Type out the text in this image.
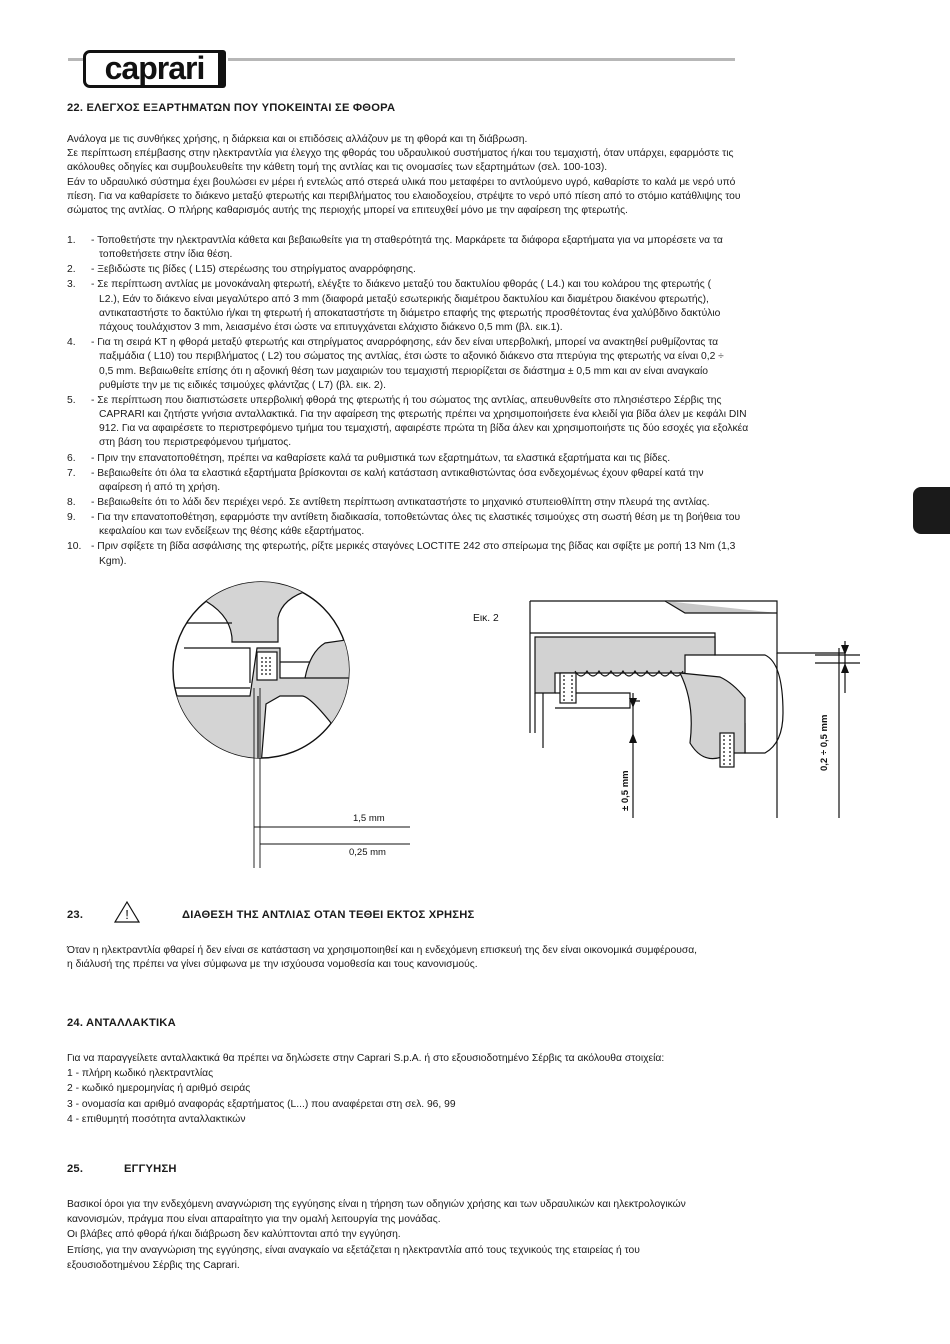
caprari
22. ΕΛΕΓΧΟΣ ΕΞΑΡΤΗΜΑΤΩΝ ΠΟΥ ΥΠΟΚΕΙΝΤΑΙ ΣΕ ΦΘΟΡΑ
Ανάλογα με τις συνθήκες χρήσης, η διάρκεια και οι επιδόσεις αλλάζουν με τη φθορά και τη διάβρωση.
Σε περίπτωση επέμβασης στην ηλεκτραντλία για έλεγχο της φθοράς του υδραυλικού συστήματος ή/και του τεμαχιστή, όταν υπάρχει, εφαρμόστε τις
ακόλουθες οδηγίες και συμβουλευθείτε την κάθετη τομή της αντλίας και τις ονομασίες των εξαρτημάτων (σελ. 100-103).
Εάν το υδραυλικό σύστημα έχει βουλώσει εν μέρει ή εντελώς από στερεά υλικά που μεταφέρει το αντλούμενο υγρό, καθαρίστε το καλά με νερό υπό
πίεση. Για να καθαρίσετε το διάκενο μεταξύ φτερωτής και περιβλήματος του ελαιοδοχείου, στρέψτε το νερό υπό πίεση από το στόμιο κατάθλιψης του
σώματος της αντλίας. Ο πλήρης καθαρισμός αυτής της περιοχής μπορεί να επιτευχθεί μόνο με την αφαίρεση της φτερωτής.
1. - Τοποθετήστε την ηλεκτραντλία κάθετα και βεβαιωθείτε για τη σταθερότητά της. Μαρκάρετε τα διάφορα εξαρτήματα για να μπορέσετε να τα
τοποθετήσετε στην ίδια θέση.
2. - Ξεβιδώστε τις βίδες ( L15) στερέωσης του στηρίγματος αναρρόφησης.
3. - Σε περίπτωση αντλίας με μονοκάναλη φτερωτή, ελέγξτε το διάκενο μεταξύ του δακτυλίου φθοράς ( L4.) και του κολάρου της φτερωτής (
L2.), Εάν το διάκενο είναι μεγαλύτερο από 3 mm (διαφορά μεταξύ εσωτερικής διαμέτρου δακτυλίου και διαμέτρου διακένου φτερωτής),
αντικαταστήστε το δακτύλιο ή/και τη φτερωτή ή αποκαταστήστε τη διάμετρο επαφής της φτερωτής προσθέτοντας ένα χαλύβδινο δακτύλιο
πάχους τουλάχιστον 3 mm, λειασμένο έτσι ώστε να επιτυγχάνεται ελάχιστο διάκενο 0,5 mm (βλ. εικ.1).
4. - Για τη σειρά KT η φθορά μεταξύ φτερωτής και στηρίγματος αναρρόφησης, εάν δεν είναι υπερβολική, μπορεί να ανακτηθεί ρυθμίζοντας τα
παξιμάδια ( L10) του περιβλήματος ( L2) του σώματος της αντλίας, έτσι ώστε το αξονικό διάκενο στα πτερύγια της φτερωτής να είναι 0,2 ÷
0,5 mm. Βεβαιωθείτε επίσης ότι η αξονική θέση των μαχαιριών του τεμαχιστή περιορίζεται σε διάστημα ± 0,5 mm και αν είναι αναγκαίο
ρυθμίστε την με τις ειδικές τσιμούχες φλάντζας ( L7) (βλ. εικ. 2).
5. - Σε περίπτωση που διαπιστώσετε υπερβολική φθορά της φτερωτής ή του σώματος της αντλίας, απευθυνθείτε στο πλησιέστερο Σέρβις της
CAPRARI και ζητήστε γνήσια ανταλλακτικά. Για την αφαίρεση της φτερωτής πρέπει να χρησιμοποιήσετε ένα κλειδί για βίδα άλεν με κεφάλι DIN
912. Για να αφαιρέσετε το περιστρεφόμενο τμήμα του τεμαχιστή, αφαιρέστε πρώτα τη βίδα άλεν και χρησιμοποιήστε τις δύο εσοχές για εξολκέα
στη βάση του περιστρεφόμενου τμήματος.
6. - Πριν την επανατοποθέτηση, πρέπει να καθαρίσετε καλά τα ρυθμιστικά των εξαρτημάτων, τα ελαστικά εξαρτήματα και τις βίδες.
7. - Βεβαιωθείτε ότι όλα τα ελαστικά εξαρτήματα βρίσκονται σε καλή κατάσταση αντικαθιστώντας όσα ενδεχομένως έχουν φθαρεί κατά την
αφαίρεση ή από τη χρήση.
8. - Βεβαιωθείτε ότι το λάδι δεν περιέχει νερό. Σε αντίθετη περίπτωση αντικαταστήστε το μηχανικό στυπειοθλίπτη στην πλευρά της αντλίας.
9. - Για την επανατοποθέτηση, εφαρμόστε την αντίθετη διαδικασία, τοποθετώντας όλες τις ελαστικές τσιμούχες στη σωστή θέση με τη βοήθεια του
κεφαλαίου και των ενδείξεων της θέσης κάθε εξαρτήματος.
10. - Πριν σφίξετε τη βίδα ασφάλισης της φτερωτής, ρίξτε μερικές σταγόνες LOCTITE 242 στο σπείρωμα της βίδας και σφίξτε με ροπή 13 Nm (1,3
Kgm).
1,5 mm
0,25 mm
Εικ. 2
± 0,5 mm
0,2 ÷ 0,5 mm
23.	!	ΔΙΑΘΕΣΗ ΤΗΣ ΑΝΤΛΙΑΣ ΟΤΑΝ ΤΕΘΕΙ ΕΚΤΟΣ ΧΡΗΣΗΣ
Όταν η ηλεκτραντλία φθαρεί ή δεν είναι σε κατάσταση να χρησιμοποιηθεί και η ενδεχόμενη επισκευή της δεν είναι οικονομικά συμφέρουσα,
η διάλυσή της πρέπει να γίνει σύμφωνα με την ισχύουσα νομοθεσία και τους κανονισμούς.
24. ΑΝΤΑΛΛΑΚΤΙΚΑ
Για να παραγγείλετε ανταλλακτικά θα πρέπει να δηλώσετε στην Caprari S.p.A. ή στο εξουσιοδοτημένο Σέρβις τα ακόλουθα στοιχεία:
1 - πλήρη κωδικό ηλεκτραντλίας
2 - κωδικό ημερομηνίας ή αριθμό σειράς
3 - ονομασία και αριθμό αναφοράς εξαρτήματος (L...) που αναφέρεται στη σελ. 96, 99
4 - επιθυμητή ποσότητα ανταλλακτικών
25.	ΕΓΓΥΗΣΗ
Βασικοί όροι για την ενδεχόμενη αναγνώριση της εγγύησης είναι η τήρηση των οδηγιών χρήσης και των υδραυλικών και ηλεκτρολογικών
κανονισμών, πράγμα που είναι απαραίτητο για την ομαλή λειτουργία της μονάδας.
Οι βλάβες από φθορά ή/και διάβρωση δεν καλύπτονται από την εγγύηση.
Επίσης, για την αναγνώριση της εγγύησης, είναι αναγκαίο να εξετάζεται η ηλεκτραντλία από τους τεχνικούς της εταιρείας ή του
εξουσιοδοτημένου Σέρβις της Caprari.
